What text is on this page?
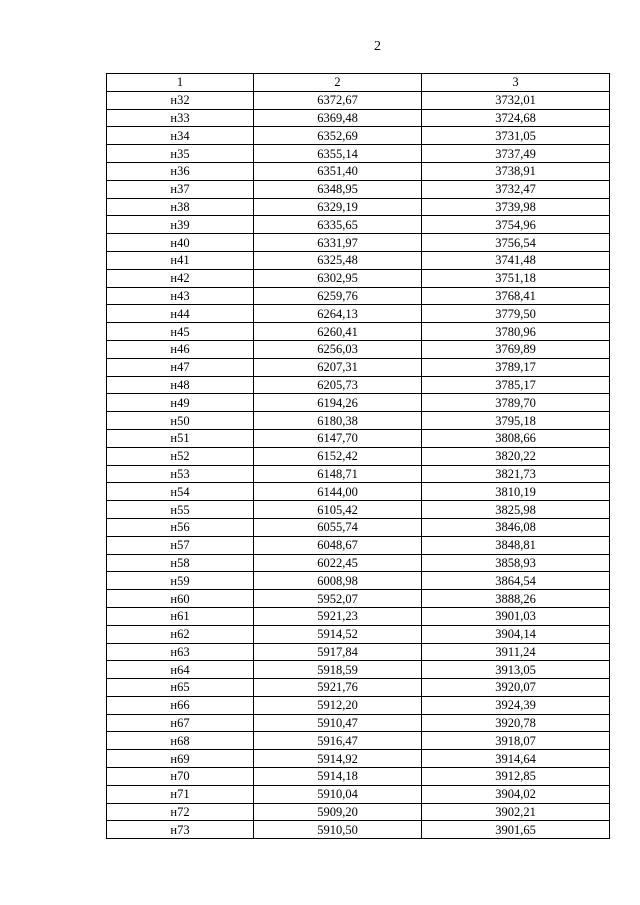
2
1	2	3
н32	6372,67	3732,01
н33	6369,48	3724,68
н34	6352,69	3731,05
н35	6355,14	3737,49
н36	6351,40	3738,91
н37	6348,95	3732,47
н38	6329,19	3739,98
н39	6335,65	3754,96
н40	6331,97	3756,54
н41	6325,48	3741,48
н42	6302,95	3751,18
н43	6259,76	3768,41
н44	6264,13	3779,50
н45	6260,41	3780,96
н46	6256,03	3769,89
н47	6207,31	3789,17
н48	6205,73	3785,17
н49	6194,26	3789,70
н50	6180,38	3795,18
н51	6147,70	3808,66
н52	6152,42	3820,22
н53	6148,71	3821,73
н54	6144,00	3810,19
н55	6105,42	3825,98
н56	6055,74	3846,08
н57	6048,67	3848,81
н58	6022,45	3858,93
н59	6008,98	3864,54
н60	5952,07	3888,26
н61	5921,23	3901,03
н62	5914,52	3904,14
н63	5917,84	3911,24
н64	5918,59	3913,05
н65	5921,76	3920,07
н66	5912,20	3924,39
н67	5910,47	3920,78
н68	5916,47	3918,07
н69	5914,92	3914,64
н70	5914,18	3912,85
н71	5910,04	3904,02
н72	5909,20	3902,21
н73	5910,50	3901,65
